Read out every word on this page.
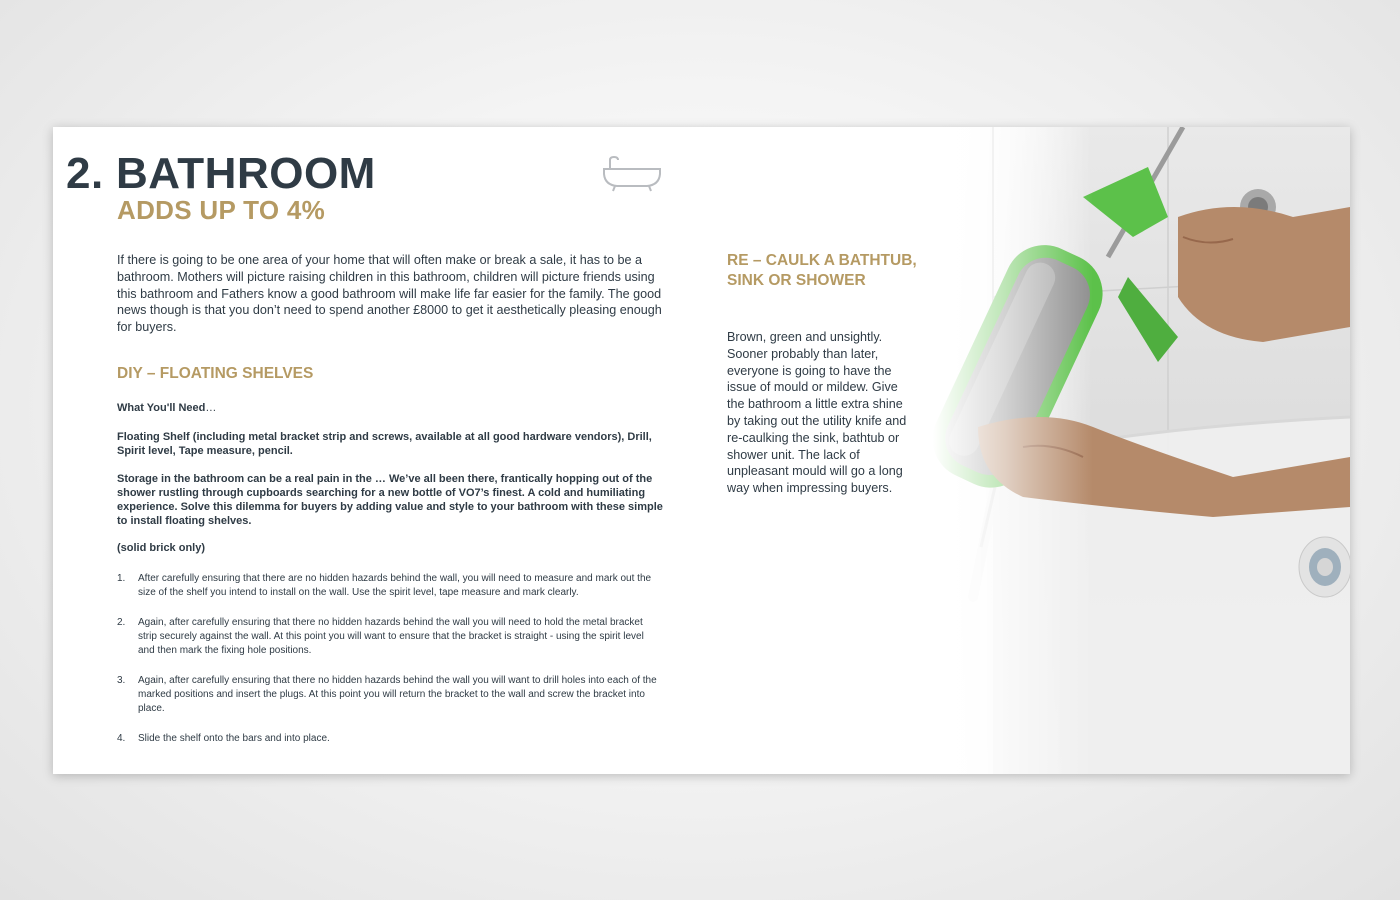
2. BATHROOM
ADDS UP TO 4%
If there is going to be one area of your home that will often make or break a sale, it has to be a bathroom. Mothers will picture raising children in this bathroom, children will picture friends using this bathroom and Fathers know a good bathroom will make life far easier for the family. The good news though is that you don’t need to spend another £8000 to get it aesthetically pleasing enough for buyers.
DIY – FLOATING SHELVES
What You'll Need…
Floating Shelf (including metal bracket strip and screws, available at all good hardware vendors), Drill, Spirit level, Tape measure, pencil.
Storage in the bathroom can be a real pain in the … We’ve all been there, frantically hopping out of the shower rustling through cupboards searching for a new bottle of VO7’s finest. A cold and humiliating experience. Solve this dilemma for buyers by adding value and style to your bathroom with these simple to install floating shelves.
(solid brick only)
1. After carefully ensuring that there are no hidden hazards behind the wall, you will need to measure and mark out the size of the shelf you intend to install on the wall. Use the spirit level, tape measure and mark clearly.
2. Again, after carefully ensuring that there no hidden hazards behind the wall you will need to hold the metal bracket strip securely against the wall. At this point you will want to ensure that the bracket is straight - using the spirit level and then mark the fixing hole positions.
3. Again, after carefully ensuring that there no hidden hazards behind the wall you will want to drill holes into each of the marked positions and insert the plugs. At this point you will return the bracket to the wall and screw the bracket into place.
4. Slide the shelf onto the bars and into place.
RE – CAULK A BATHTUB, SINK OR SHOWER
Brown, green and unsightly. Sooner probably than later, everyone is going to have the issue of mould or mildew. Give the bathroom a little extra shine by taking out the utility knife and re-caulking the sink, bathtub or shower unit. The lack of unpleasant mould will go a long way when impressing buyers.
